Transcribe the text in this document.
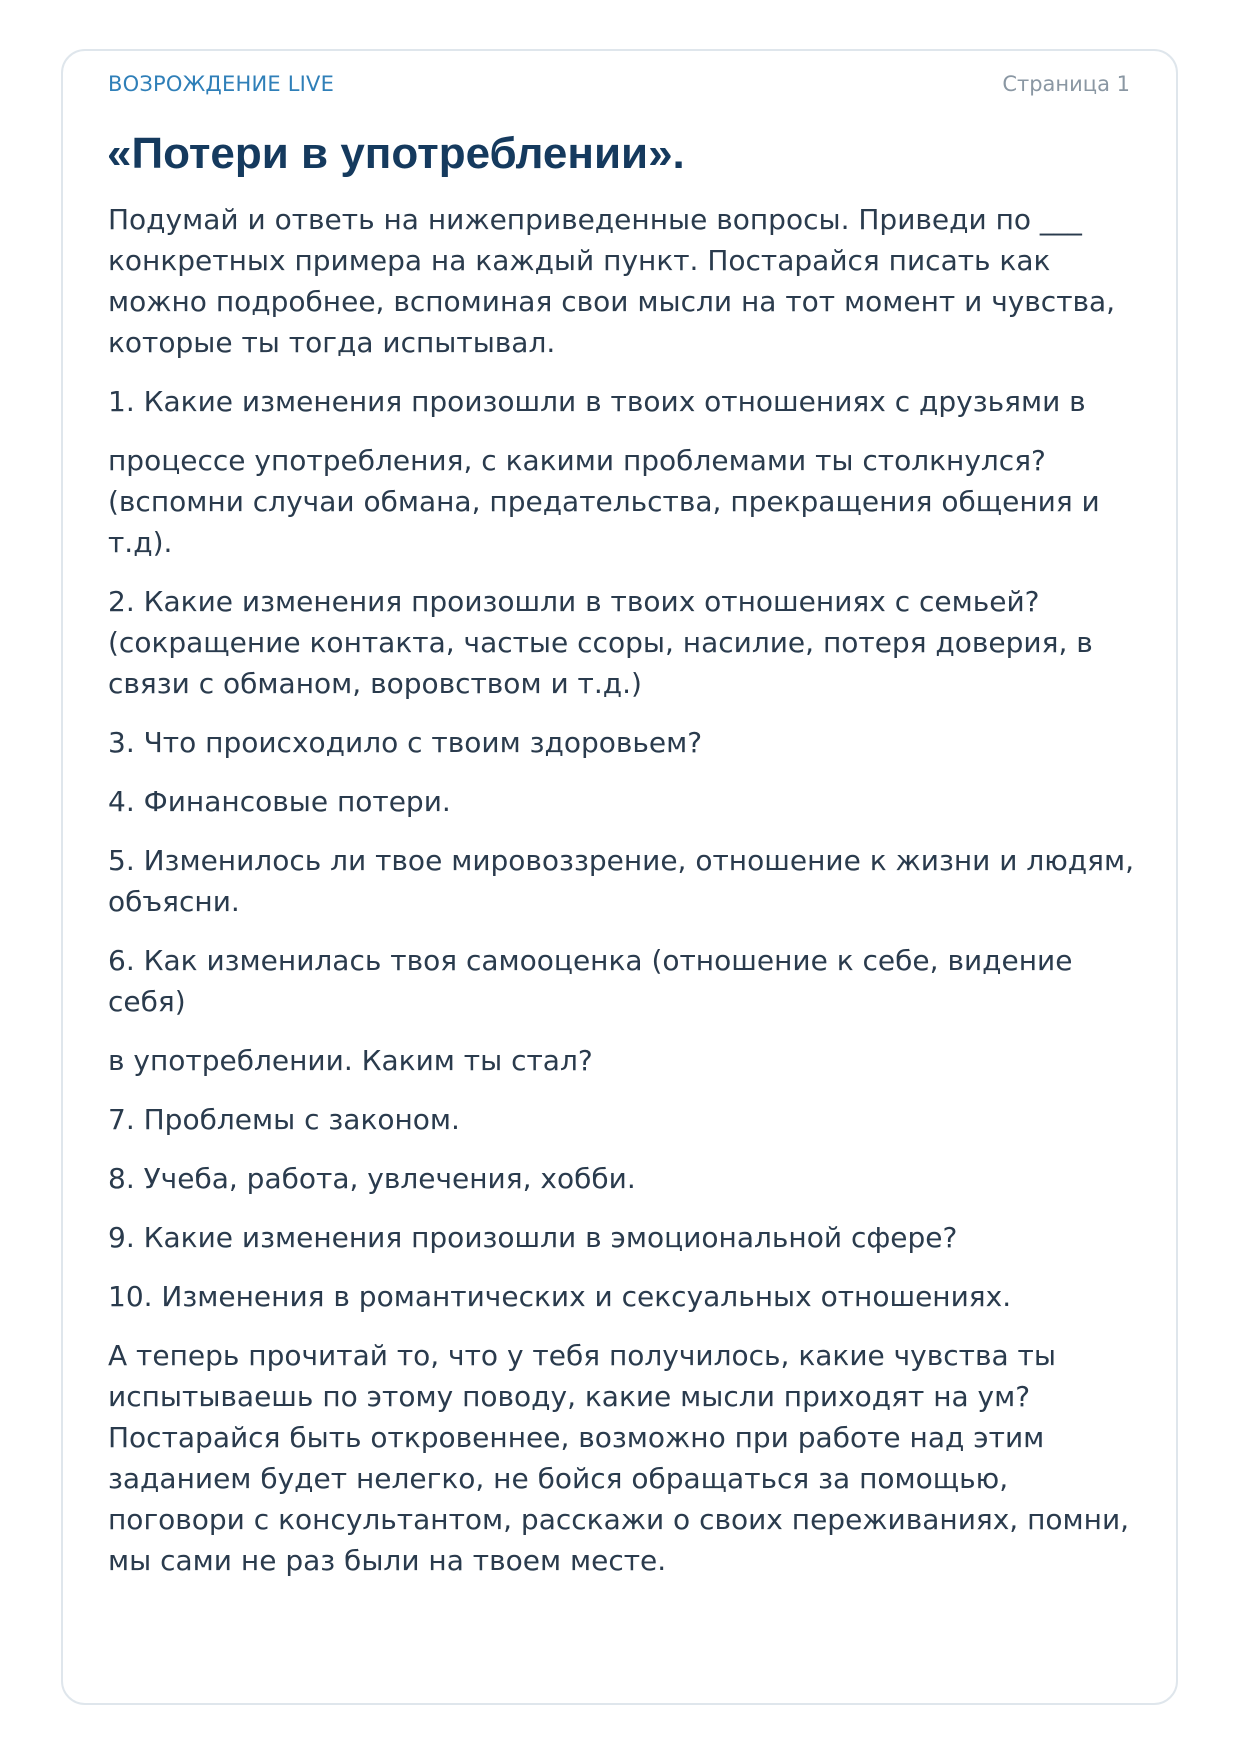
ВОЗРОЖДЕНИЕ LIVE	Страница 1
«Потери в употреблении».

Подумай и ответь на нижеприведенные вопросы. Приведи по ___ конкретных примера на каждый пункт. Постарайся писать как можно подробнее, вспоминая свои мысли на тот момент и чувства, которые ты тогда испытывал.

1. Какие изменения произошли в твоих отношениях с друзьями в

процессе употребления, с какими проблемами ты столкнулся? (вспомни случаи обмана, предательства, прекращения общения и т.д).

2. Какие изменения произошли в твоих отношениях с семьей? (сокращение контакта, частые ссоры, насилие, потеря доверия, в связи с обманом, воровством и т.д.)

3. Что происходило с твоим здоровьем?

4. Финансовые потери.

5. Изменилось ли твое мировоззрение, отношение к жизни и людям, объясни.

6. Как изменилась твоя самооценка (отношение к себе, видение себя)

в употреблении. Каким ты стал?

7. Проблемы с законом.

8. Учеба, работа, увлечения, хобби.

9. Какие изменения произошли в эмоциональной сфере?

10. Изменения в романтических и сексуальных отношениях.

А теперь прочитай то, что у тебя получилось, какие чувства ты испытываешь по этому поводу, какие мысли приходят на ум? Постарайся быть откровеннее, возможно при работе над этим заданием будет нелегко, не бойся обращаться за помощью, поговори с консультантом, расскажи о своих переживаниях, помни, мы сами не раз были на твоем месте.
